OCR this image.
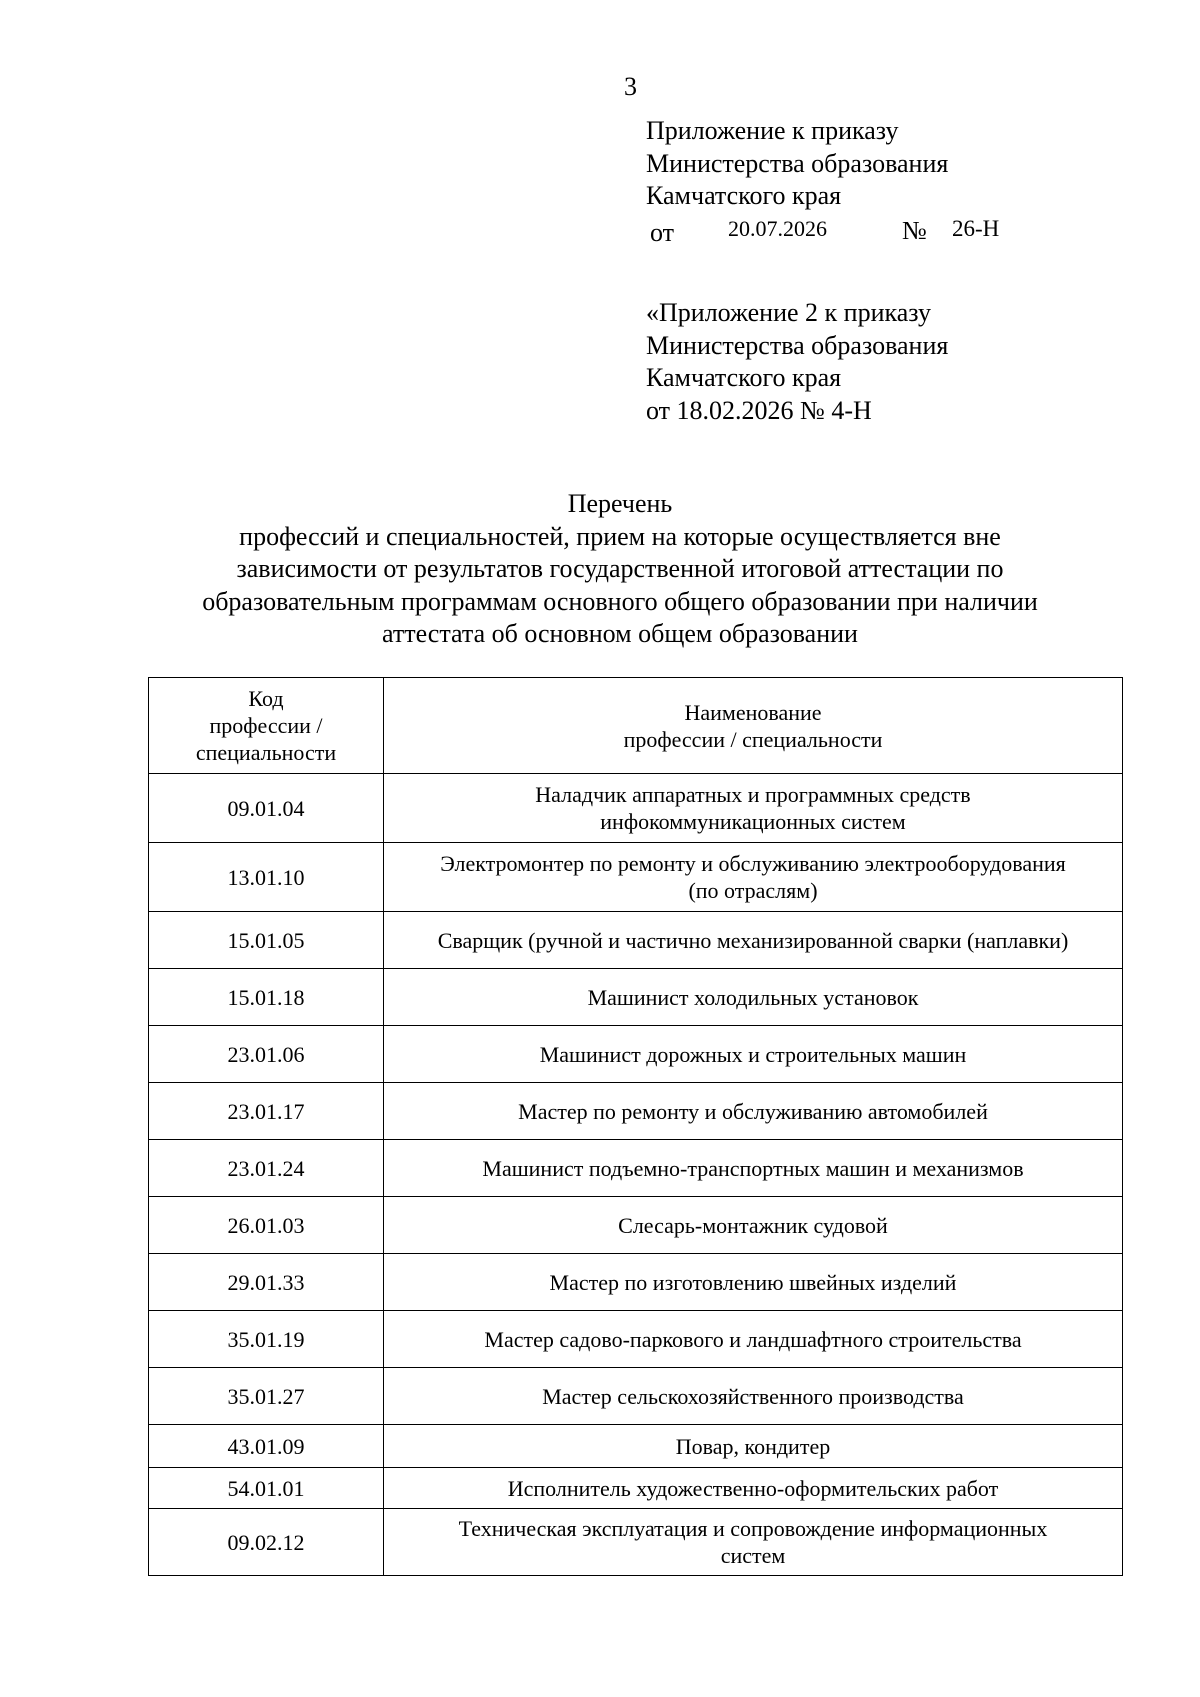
3
Приложение к приказу
Министерства образования
Камчатского края
от 20.07.2026	№ 26-Н
«Приложение 2 к приказу
Министерства образования
Камчатского края
от 18.02.2026 № 4-Н
Перечень
профессий и специальностей, прием на которые осуществляется вне
зависимости от результатов государственной итоговой аттестации по
образовательным программам основного общего образовании при наличии
аттестата об основном общем образовании
Код
профессии /
специальности	Наименование
профессии / специальности
09.01.04	Наладчик аппаратных и программных средств
инфокоммуникационных систем
13.01.10	Электромонтер по ремонту и обслуживанию электрооборудования
(по отраслям)
15.01.05	Сварщик (ручной и частично механизированной сварки (наплавки)
15.01.18	Машинист холодильных установок
23.01.06	Машинист дорожных и строительных машин
23.01.17	Мастер по ремонту и обслуживанию автомобилей
23.01.24	Машинист подъемно-транспортных машин и механизмов
26.01.03	Слесарь-монтажник судовой
29.01.33	Мастер по изготовлению швейных изделий
35.01.19	Мастер садово-паркового и ландшафтного строительства
35.01.27	Мастер сельскохозяйственного производства
43.01.09	Повар, кондитер
54.01.01	Исполнитель художественно-оформительских работ
09.02.12	Техническая эксплуатация и сопровождение информационных
систем
